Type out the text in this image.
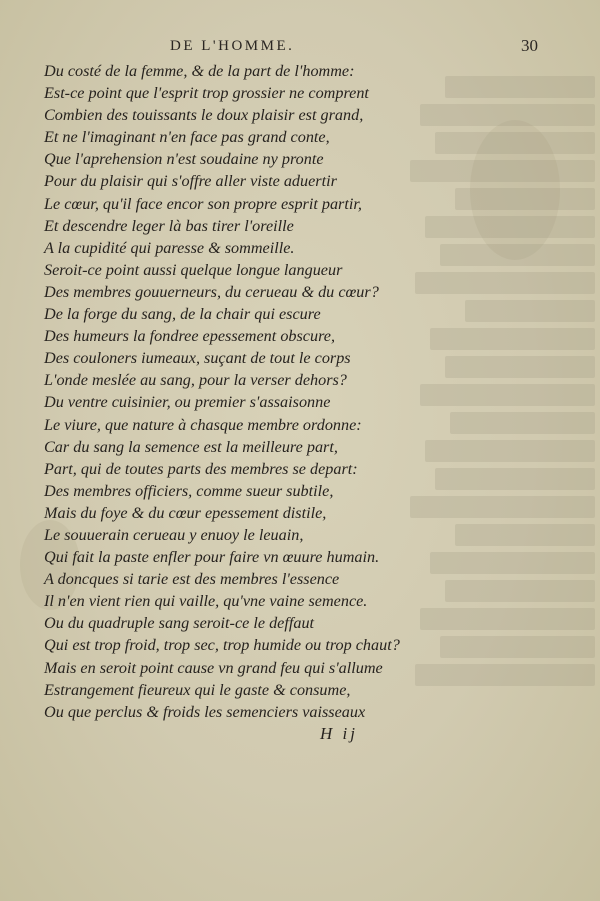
DE L'HOMME.	30
Du costé de la femme, & de la part de l'homme:
Est-ce point que l'esprit trop grossier ne comprent
Combien des touissants le doux plaisir est grand,
Et ne l'imaginant n'en face pas grand conte,
Que l'aprehension n'est soudaine ny pronte
Pour du plaisir qui s'offre aller viste aduertir
Le cœur, qu'il face encor son propre esprit partir,
Et descendre leger là bas tirer l'oreille
A la cupidité qui paresse & sommeille.
Seroit-ce point aussi quelque longue langueur
Des membres gouuerneurs, du cerueau & du cœur?
De la forge du sang, de la chair qui escure
Des humeurs la fondree epessement obscure,
Des couloners iumeaux, suçant de tout le corps
L'onde meslée au sang, pour la verser dehors?
Du ventre cuisinier, ou premier s'assaisonne
Le viure, que nature à chasque membre ordonne:
Car du sang la semence est la meilleure part,
Part, qui de toutes parts des membres se depart:
Des membres officiers, comme sueur subtile,
Mais du foye & du cœur epessement distile,
Le souuerain cerueau y enuoy le leuain,
Qui fait la paste enfler pour faire vn œuure humain.
A doncques si tarie est des membres l'essence
Il n'en vient rien qui vaille, qu'vne vaine semence.
Ou du quadruple sang seroit-ce le deffaut
Qui est trop froid, trop sec, trop humide ou trop chaut?
Mais en seroit point cause vn grand feu qui s'allume
Estrangement fieureux qui le gaste & consume,
Ou que perclus & froids les semenciers vaisseaux
H ij
